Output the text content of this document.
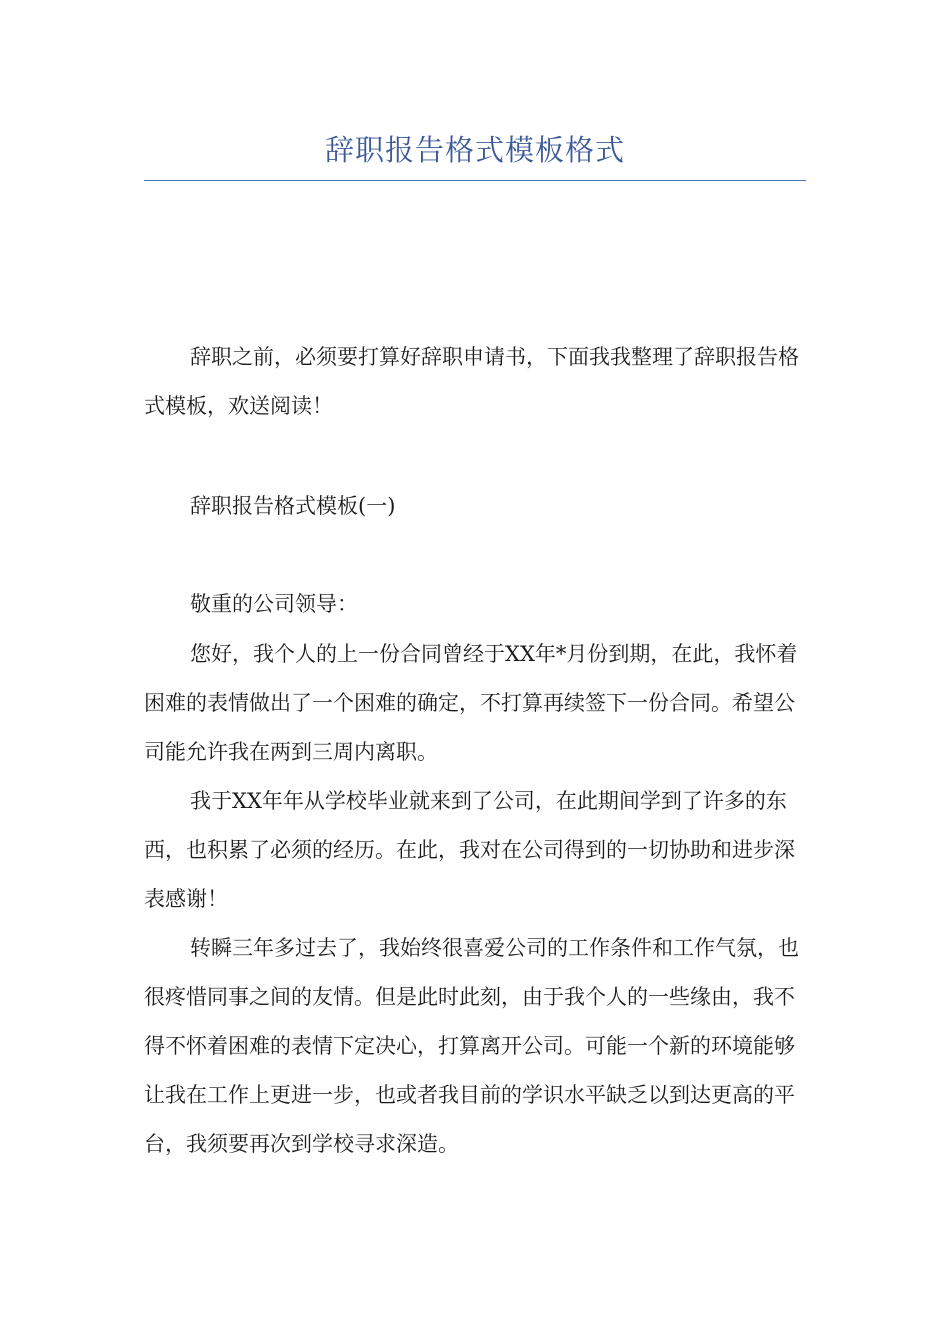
辞职报告格式模板格式

辞职之前，必须要打算好辞职申请书，下面我我整理了辞职报告格式模板，欢送阅读！

辞职报告格式模板(一)

敬重的公司领导：

您好，我个人的上一份合同曾经于XX年*月份到期，在此，我怀着困难的表情做出了一个困难的确定，不打算再续签下一份合同。希望公司能允许我在两到三周内离职。

我于XX年年从学校毕业就来到了公司，在此期间学到了许多的东西，也积累了必须的经历。在此，我对在公司得到的一切协助和进步深表感谢！

转瞬三年多过去了，我始终很喜爱公司的工作条件和工作气氛，也很疼惜同事之间的友情。但是此时此刻，由于我个人的一些缘由，我不得不怀着困难的表情下定决心，打算离开公司。可能一个新的环境能够让我在工作上更进一步，也或者我目前的学识水平缺乏以到达更高的平台，我须要再次到学校寻求深造。
